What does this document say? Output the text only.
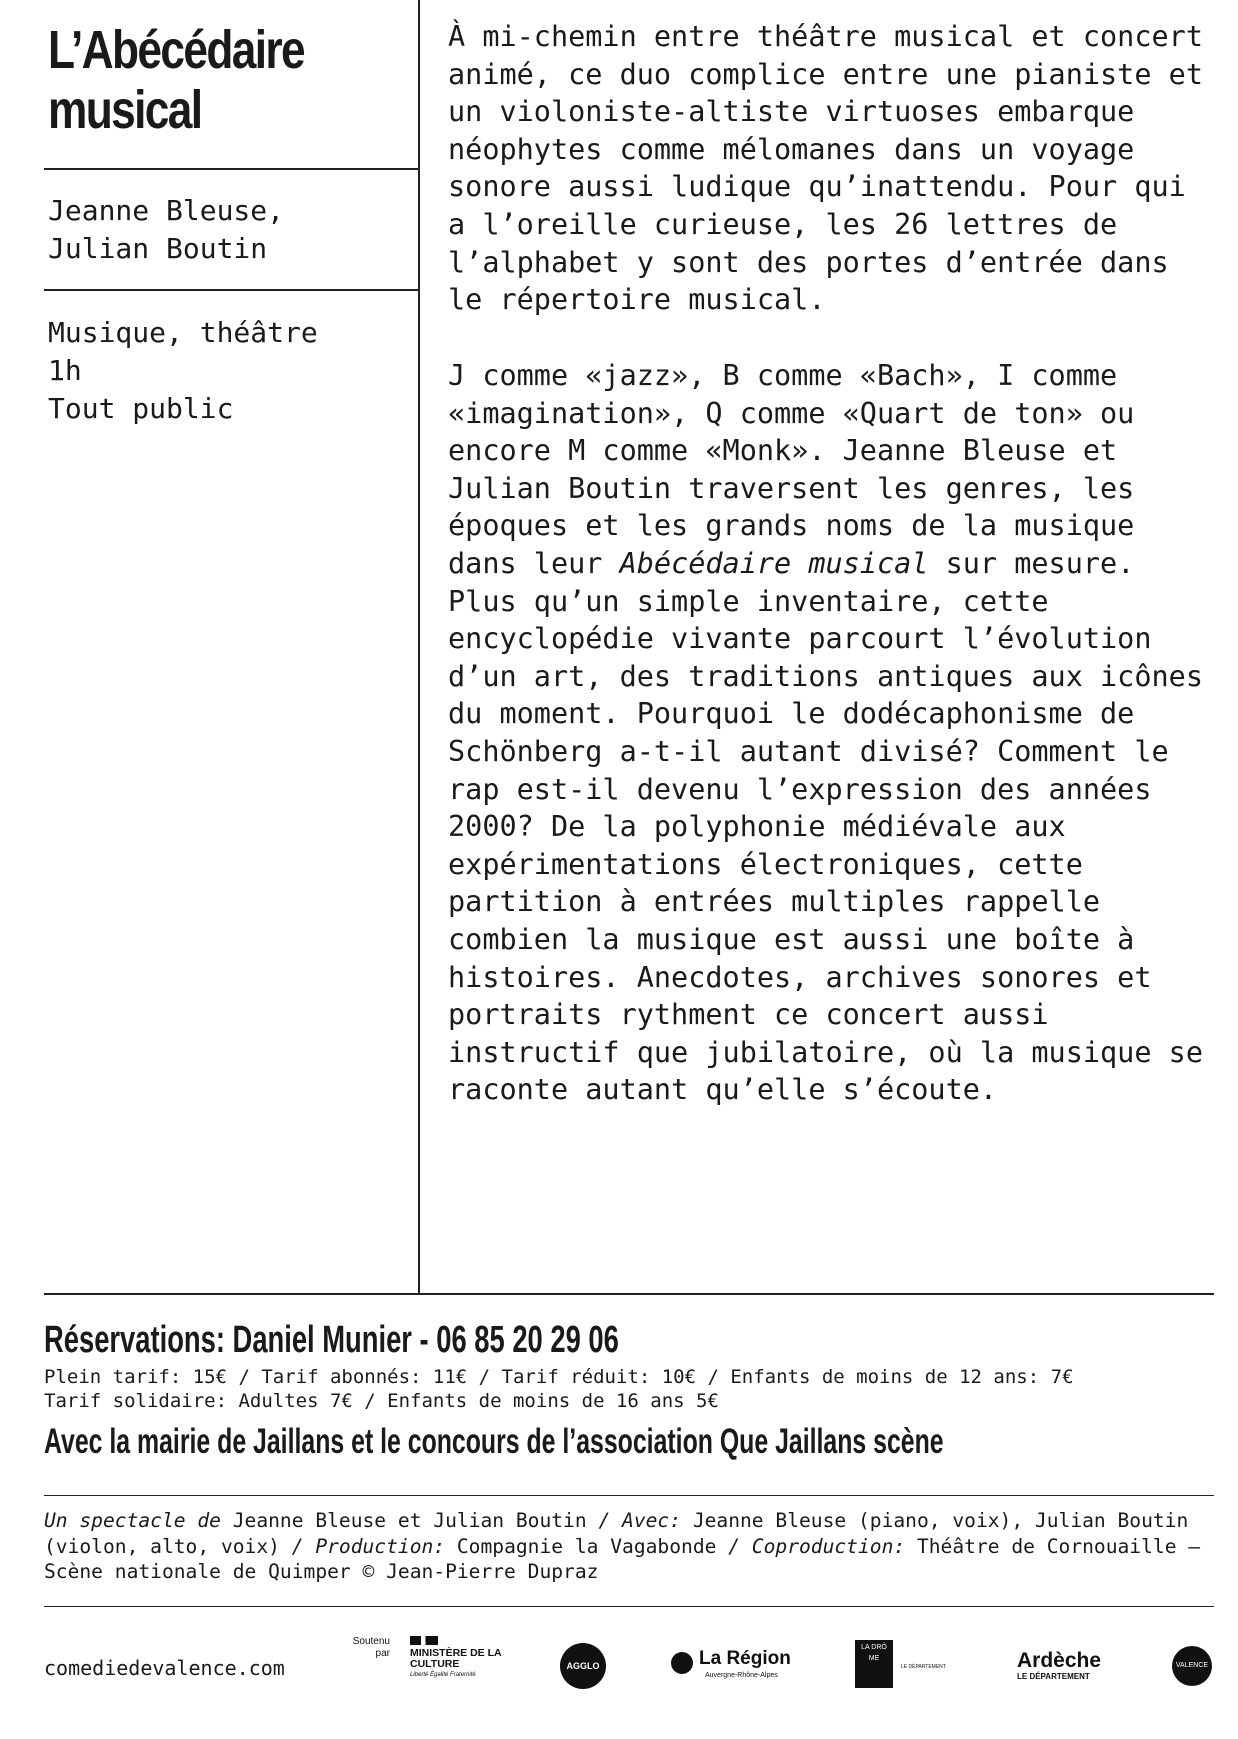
L’Abécédaire
musical

Jeanne Bleuse,
Julian Boutin

Musique, théâtre
1h
Tout public

À mi-chemin entre théâtre musical et concert animé, ce duo complice entre une pianiste et un violoniste-altiste virtuoses embarque néophytes comme mélomanes dans un voyage sonore aussi ludique qu’inattendu. Pour qui a l’oreille curieuse, les 26 lettres de l’alphabet y sont des portes d’entrée dans le répertoire musical.

J comme «jazz», B comme «Bach», I comme «imagination», Q comme «Quart de ton» ou encore M comme «Monk». Jeanne Bleuse et Julian Boutin traversent les genres, les époques et les grands noms de la musique dans leur Abécédaire musical sur mesure. Plus qu’un simple inventaire, cette encyclopédie vivante parcourt l’évolution d’un art, des traditions antiques aux icônes du moment. Pourquoi le dodécaphonisme de Schönberg a-t-il autant divisé? Comment le rap est-il devenu l’expression des années 2000? De la polyphonie médiévale aux expérimentations électroniques, cette partition à entrées multiples rappelle combien la musique est aussi une boîte à histoires. Anecdotes, archives sonores et portraits rythment ce concert aussi instructif que jubilatoire, où la musique se raconte autant qu’elle s’écoute.

Réservations: Daniel Munier - 06 85 20 29 06

Plein tarif: 15€ / Tarif abonnés: 11€ / Tarif réduit: 10€ / Enfants de moins de 12 ans: 7€

Tarif solidaire: Adultes 7€ / Enfants de moins de 16 ans 5€

Avec la mairie de Jaillans et le concours de l’association Que Jaillans scène

Un spectacle de Jeanne Bleuse et Julian Boutin / Avec: Jeanne Bleuse (piano, voix), Julian Boutin (violon, alto, voix) / Production: Compagnie la Vagabonde / Coproduction: Théâtre de Cornouaille – Scène nationale de Quimper © Jean-Pierre Dupraz

comediedevalence.com

Soutenu par MINISTÈRE DE LA CULTURE
Liberté Égalité Fraternité
AGGLO	La Région
Auvergne-Rhône-Alpes
LA DRÔ ME
LE DÉPARTEMENT	Ardèche
LE DÉPARTEMENT
VALENCE
